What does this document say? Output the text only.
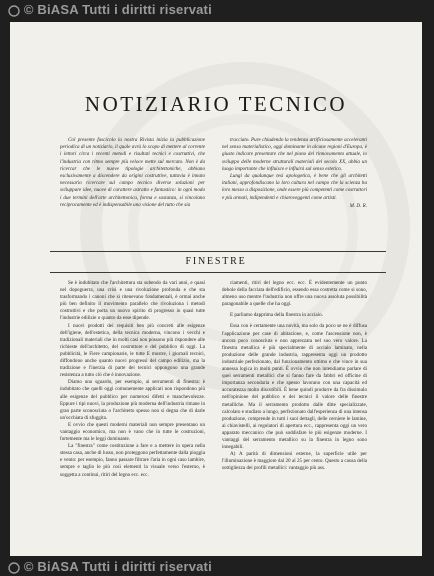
© BiASA Tutti i diritti riservati
NOTIZIARIO TECNICO

Col presente fascicolo la nostra Rivista inizia la pubblicazione periodica di un notiziario, il quale avrà lo scopo di mettere al corrente i lettori circa i recenti metodi e risultati tecnici e costruttivi, che l'industria con ritmo sempre più veloce mette sul mercato. Non è da ricercar che le nuove tipologie architettoniche, abbiano esclusivamente a discendere da origini costruttive, tuttavia è innato necessario ricercare sul campo tecnico diverse soluzioni per sviluppare idee, nuove di carattere astratto e fantastico: in ogni modo i due termini dell'arte architettonica, forma e sostanza, si vincolano reciprocamente ed è indispensabile una visione del tutto che sia

tracciato. Pure chiudendo la tendenza artificiosamente acceleranti nel senso materialistico, oggi dominante in alcune regioni d'Europa, è giusto indicare presentare che nel piano del rinnovamento attuale, lo sviluppo delle moderne strutturali materiali del secolo XX, abbia un luogo importante che influisce e influirà sul senso estetico.

Lungi da qualunque tesi apologetica, è bene che gli architetti italiani, approfondiscano la loro cultura nel campo che la scienza ha loro messo a disposizione, onde essere più competenti come costruttori e più armati, indipendenti e chiaroveggenti come artisti.

M. D. R.
FINESTRE

Se è indubitato che l'architettura sta subendo da vari anni, e quasi nel dopoguerra, una crisi e una rivoluzione profonda e che sta trasformando i canoni che si ritenevano fondamentali, è ormai anche più ben definito il movimento parallelo che rivoluziona i metodi costruttivi e che porta un nuovo spirito di progresso in quasi tutte l'industrie edilizie o quanto da esse dipende.

I nuovi prodotti dei requisiti ben più concreti alle esigenze dell'igiene, dell'estetica, della tecnica moderna, vincono i vecchi e tradizionali materiali che in molti casi non possono più rispondere alle richieste dell'architetto, del costruttore e del pubblico di oggi. La pubblicità, le Fiere campionarie, le tutte E mostre, i giornali tecnici, diffondono anche quanto nuovi progressi del campo edilizio, ma la tradizione e l'inerzia di parte dei tecnici oppongono una grande resistenza a tutto ciò che è innovazione.

Diamo uno sguardo, per esempio, ai serramenti di finestra: è indubitato che quelli oggi comunemente applicati non rispondono più alle esigenze del pubblico per numerosi difetti e manchevolezze. Eppure i tipi nuovi, la produzione più moderna dell'industria rimane in gran parte sconosciuta o l'architetto spesso non si degna che di darle un'occhiata di sfuggita.

E ovvio che questi moderni materiali non sempre presentano un vantaggio economico, ma non è vano che in tutte le costruzioni, fortemente ma le leggi dominante.

La "finestra" come costituzione a fare e a mettere in opera nella stessa casa, anche di lusso, non proteggono perfettamente dalla pioggia e vento: per esempio, fanno passare filtrare l'aria in ogni caso lambire, sempre e taglio le più così elementi la visuale verso l'esterno, è soggetta a continui, ritiri del legno ecc. ecc.

ciamenti, ritiri del legno ecc. ecc. È evidentemente un punto debole della facciata dell'edificio, essendo essa costretta come si sono, almeno uso mentre l'industria non offre una nuova assoluta possibilità paragonabile a quelle che ha oggi.

E parliamo dapprima della finestra in acciaio.

Essa con è certamente una novità, ma solo da poco se ne è diffusa l'applicazione per case di abitazione, e, come l'ascensione non, è ancora poco conosciuta e non apprezzata nel suo vero valore. La finestra metallica è più specialmente di acciaio laminato, nella produzione delle grande industria, rappresenta oggi un prodotto industriale perfezionato, dal funzionamento ottimo e che vince in sua annessa logica in molti punti. È ovvio che non intendiamo parlare di quei serramenti metallici che si fanno fare da fabbri ed officine di importanza secondaria e che spesso lavorano con una capacità ed accuratezza molto discutibili. È bene quindi produrre da fra dissimulo nell'opinione del pubblico e dei tecnici il valore delle finestre metalliche. Ma il serramento prodotto dalle ditte specializzate, calcolato e studiato a lungo, perfezionato dall'esperienza di una intensa produzione, comprende in tutti i suoi dettagli, delle cerniere le lamine, ai chiavistelli, ai regolatori di apertura ecc., rappresenta oggi un vero apparato meccanico che può soddisfare le più esigenze moderne. I vantaggi del serramento metallico su la finestra in legno sono innegabili.

A) A parità di dimensioni esterne, la superficie utile per l'illuminazione è maggiore dal 20 al 25 per cento. Questo a causa della sottigliezza dei profili metallici: vantaggio più ass.

© BiASA Tutti i diritti riservati
